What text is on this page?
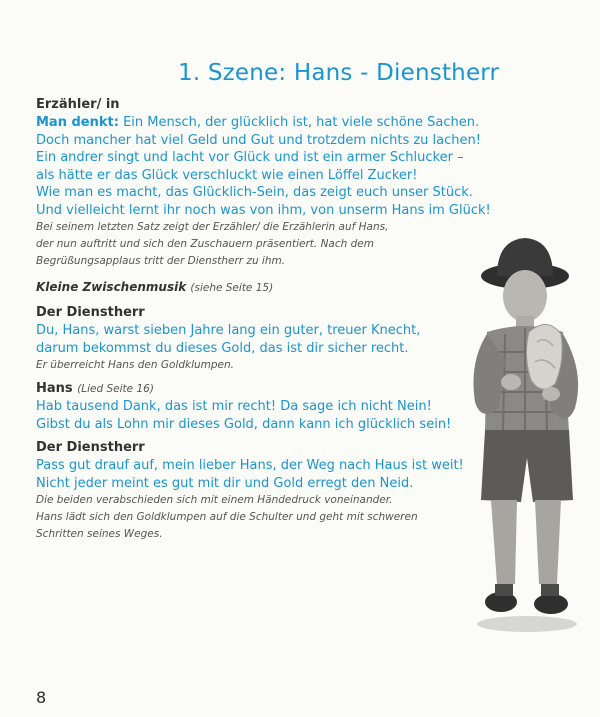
1. Szene: Hans - Dienstherr
Erzähler/ in
Man denkt: Ein Mensch, der glücklich ist, hat viele schöne Sachen.
Doch mancher hat viel Geld und Gut und trotzdem nichts zu lachen!
Ein andrer singt und lacht vor Glück und ist ein armer Schlucker –
als hätte er das Glück verschluckt wie einen Löffel Zucker!
Wie man es macht, das Glücklich-Sein, das zeigt euch unser Stück.
Und vielleicht lernt ihr noch was von ihm, von unserm Hans im Glück!
Bei seinem letzten Satz zeigt der Erzähler/ die Erzählerin auf Hans,
der nun auftritt und sich den Zuschauern präsentiert. Nach dem
Begrüßungsapplaus tritt der Dienstherr zu ihm.
Kleine Zwischenmusik (siehe Seite 15)
Der Dienstherr
Du, Hans, warst sieben Jahre lang ein guter, treuer Knecht,
darum bekommst du dieses Gold, das ist dir sicher recht.
Er überreicht Hans den Goldklumpen.
Hans (Lied Seite 16)
Hab tausend Dank, das ist mir recht! Da sage ich nicht Nein!
Gibst du als Lohn mir dieses Gold, dann kann ich glücklich sein!
Der Dienstherr
Pass gut drauf auf, mein lieber Hans, der Weg nach Haus ist weit!
Nicht jeder meint es gut mit dir und Gold erregt den Neid.
Die beiden verabschieden sich mit einem Händedruck voneinander.
Hans lädt sich den Goldklumpen auf die Schulter und geht mit schweren
Schritten seines Weges.
8
